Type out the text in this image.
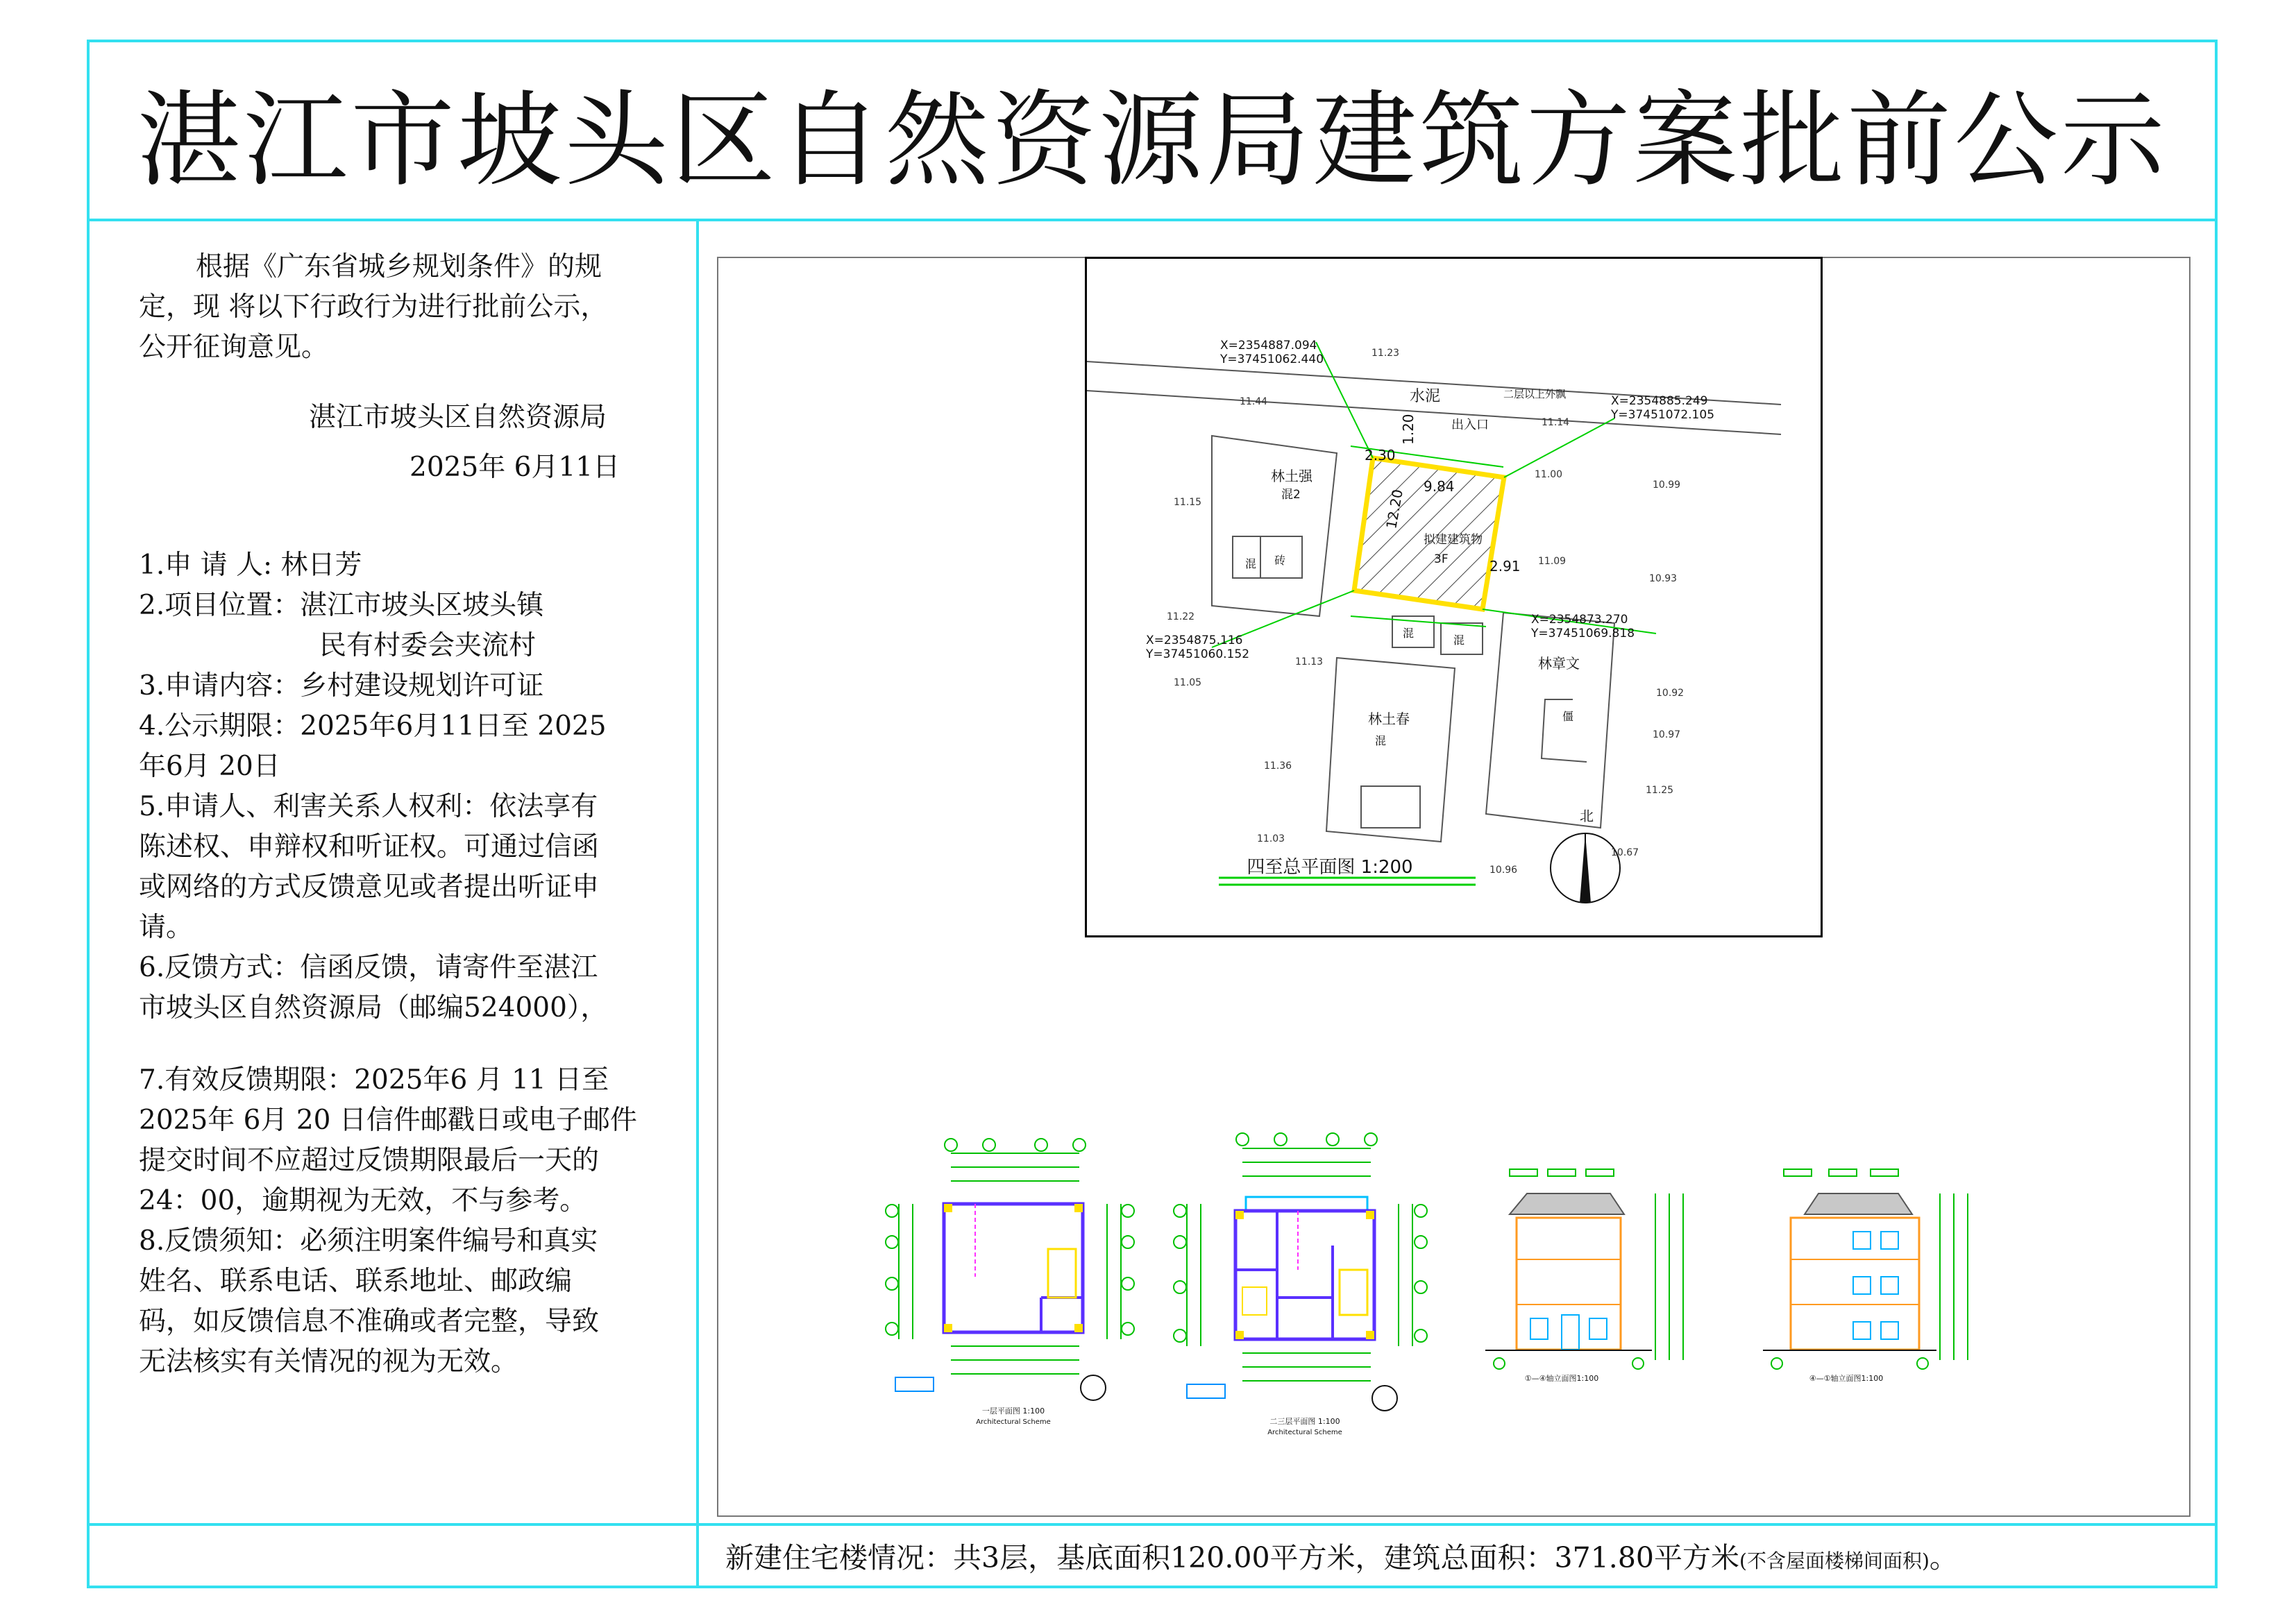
湛江市坡头区自然资源局建筑方案批前公示
根据《广东省城乡规划条件》的规
定，现 将以下行政行为进行批前公示，
公开征询意见。
湛江市坡头区自然资源局
2025年 6月11日
1.申 请 人: 林日芳
2.项目位置：湛江市坡头区坡头镇
民有村委会夹流村
3.申请内容：乡村建设规划许可证
4.公示期限：2025年6月11日至 2025
年6月 20日
5.申请人、利害关系人权利：依法享有
陈述权、申辩权和听证权。可通过信函
或网络的方式反馈意见或者提出听证申
请。
6.反馈方式：信函反馈，请寄件至湛江
市坡头区自然资源局（邮编524000），
7.有效反馈期限：2025年6 月 11 日至
2025年 6月 20 日信件邮戳日或电子邮件
提交时间不应超过反馈期限最后一天的
24：00，逾期视为无效，不与参考。
8.反馈须知：必须注明案件编号和真实
姓名、联系电话、联系地址、邮政编
码，如反馈信息不准确或者完整，导致
无法核实有关情况的视为无效。
X=2354887.094
Y=37451062.440
X=2354885.249
Y=37451072.105
X=2354873.270
Y=37451069.818
X=2354875.116
Y=37451060.152
水泥
出入口
二层以上外飘
拟建建筑物
3F
林土强
混2
林土春
林章文
混 砖
混
混
混
僵
1.20
2.30
9.84
12.20
2.91
四至总平面图 1:200
北
11.23
11.44
11.14
11.15
11.00
10.99
11.09
10.93
11.22
11.13
11.05
10.92
10.97
11.36
11.25
11.03
10.67
10.96
一层平面图 1:100
Architectural Scheme	二三层平面图 1:100
Architectural Scheme
①—④轴立面图1:100	④—①轴立面图1:100
新建住宅楼情况：共3层，基底面积120.00平方米，建筑总面积：371.80平方米(不含屋面楼梯间面积)。
